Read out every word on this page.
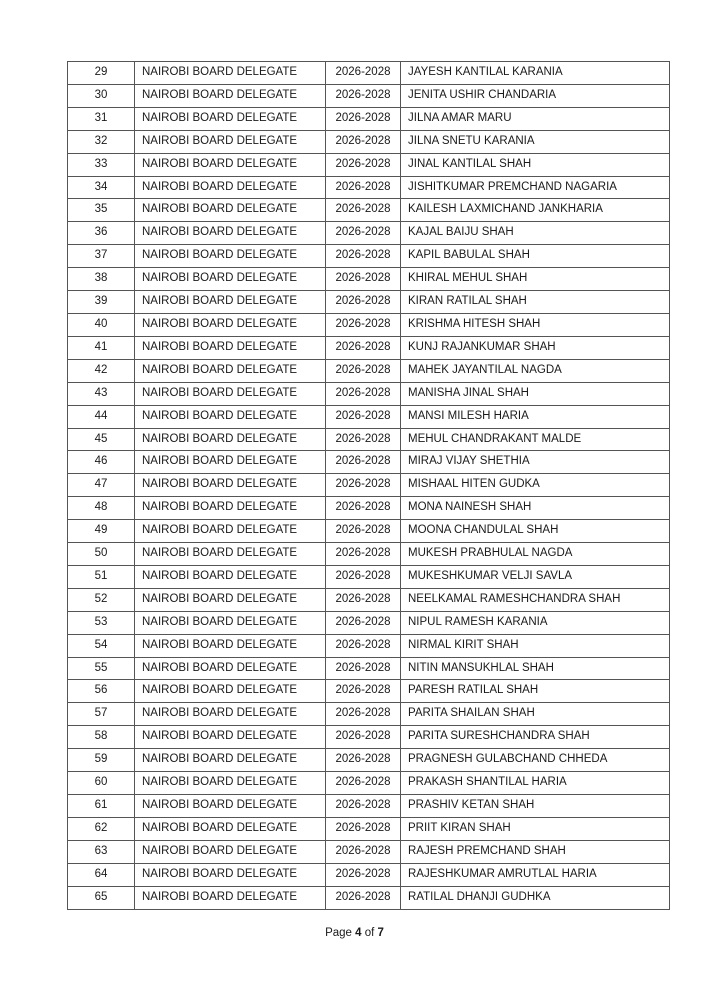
29	NAIROBI BOARD DELEGATE	2026-2028	JAYESH KANTILAL KARANIA
30	NAIROBI BOARD DELEGATE	2026-2028	JENITA USHIR CHANDARIA
31	NAIROBI BOARD DELEGATE	2026-2028	JILNA AMAR MARU
32	NAIROBI BOARD DELEGATE	2026-2028	JILNA SNETU KARANIA
33	NAIROBI BOARD DELEGATE	2026-2028	JINAL KANTILAL SHAH
34	NAIROBI BOARD DELEGATE	2026-2028	JISHITKUMAR PREMCHAND NAGARIA
35	NAIROBI BOARD DELEGATE	2026-2028	KAILESH LAXMICHAND JANKHARIA
36	NAIROBI BOARD DELEGATE	2026-2028	KAJAL BAIJU SHAH
37	NAIROBI BOARD DELEGATE	2026-2028	KAPIL BABULAL SHAH
38	NAIROBI BOARD DELEGATE	2026-2028	KHIRAL MEHUL SHAH
39	NAIROBI BOARD DELEGATE	2026-2028	KIRAN RATILAL SHAH
40	NAIROBI BOARD DELEGATE	2026-2028	KRISHMA HITESH SHAH
41	NAIROBI BOARD DELEGATE	2026-2028	KUNJ RAJANKUMAR SHAH
42	NAIROBI BOARD DELEGATE	2026-2028	MAHEK JAYANTILAL NAGDA
43	NAIROBI BOARD DELEGATE	2026-2028	MANISHA JINAL SHAH
44	NAIROBI BOARD DELEGATE	2026-2028	MANSI MILESH HARIA
45	NAIROBI BOARD DELEGATE	2026-2028	MEHUL CHANDRAKANT MALDE
46	NAIROBI BOARD DELEGATE	2026-2028	MIRAJ VIJAY SHETHIA
47	NAIROBI BOARD DELEGATE	2026-2028	MISHAAL HITEN GUDKA
48	NAIROBI BOARD DELEGATE	2026-2028	MONA NAINESH SHAH
49	NAIROBI BOARD DELEGATE	2026-2028	MOONA CHANDULAL SHAH
50	NAIROBI BOARD DELEGATE	2026-2028	MUKESH PRABHULAL NAGDA
51	NAIROBI BOARD DELEGATE	2026-2028	MUKESHKUMAR VELJI SAVLA
52	NAIROBI BOARD DELEGATE	2026-2028	NEELKAMAL RAMESHCHANDRA SHAH
53	NAIROBI BOARD DELEGATE	2026-2028	NIPUL RAMESH KARANIA
54	NAIROBI BOARD DELEGATE	2026-2028	NIRMAL KIRIT SHAH
55	NAIROBI BOARD DELEGATE	2026-2028	NITIN MANSUKHLAL SHAH
56	NAIROBI BOARD DELEGATE	2026-2028	PARESH RATILAL SHAH
57	NAIROBI BOARD DELEGATE	2026-2028	PARITA SHAILAN SHAH
58	NAIROBI BOARD DELEGATE	2026-2028	PARITA SURESHCHANDRA SHAH
59	NAIROBI BOARD DELEGATE	2026-2028	PRAGNESH GULABCHAND CHHEDA
60	NAIROBI BOARD DELEGATE	2026-2028	PRAKASH SHANTILAL HARIA
61	NAIROBI BOARD DELEGATE	2026-2028	PRASHIV KETAN SHAH
62	NAIROBI BOARD DELEGATE	2026-2028	PRIIT KIRAN SHAH
63	NAIROBI BOARD DELEGATE	2026-2028	RAJESH PREMCHAND SHAH
64	NAIROBI BOARD DELEGATE	2026-2028	RAJESHKUMAR AMRUTLAL HARIA
65	NAIROBI BOARD DELEGATE	2026-2028	RATILAL DHANJI GUDHKA
Page 4 of 7
